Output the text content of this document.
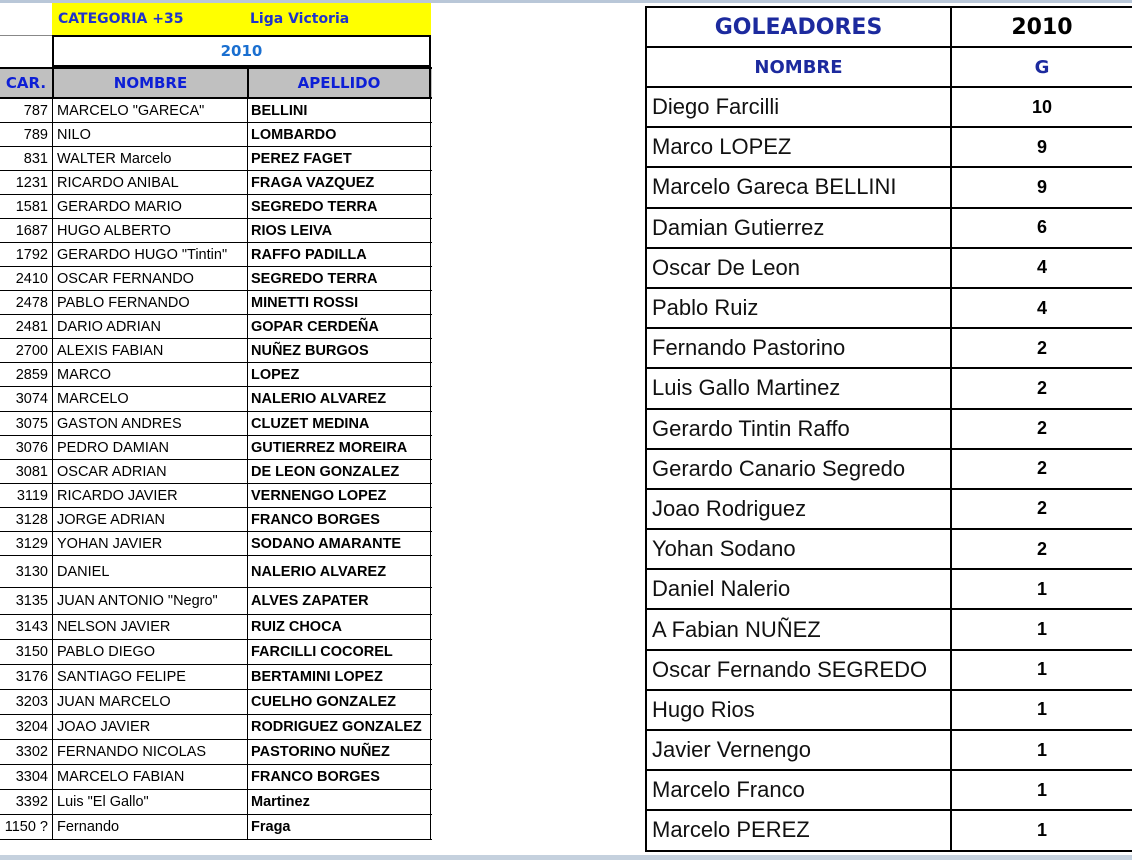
CATEGORIA +35	Liga Victoria
2010
CAR.	NOMBRE	APELLIDO
787 MARCELO "GARECA"	BELLINI
789 NILO	LOMBARDO
831 WALTER Marcelo	PEREZ FAGET
1231 RICARDO ANIBAL	FRAGA VAZQUEZ
1581 GERARDO MARIO	SEGREDO TERRA
1687 HUGO ALBERTO	RIOS LEIVA
1792 GERARDO HUGO "Tintin"	RAFFO PADILLA
2410 OSCAR FERNANDO	SEGREDO TERRA
2478 PABLO FERNANDO	MINETTI ROSSI
2481 DARIO ADRIAN	GOPAR CERDEÑA
2700 ALEXIS FABIAN	NUÑEZ BURGOS
2859 MARCO	LOPEZ
3074 MARCELO	NALERIO ALVAREZ
3075 GASTON ANDRES	CLUZET MEDINA
3076 PEDRO DAMIAN	GUTIERREZ MOREIRA
3081 OSCAR ADRIAN	DE LEON GONZALEZ
3119 RICARDO JAVIER	VERNENGO LOPEZ
3128 JORGE ADRIAN	FRANCO BORGES
3129 YOHAN JAVIER	SODANO AMARANTE
3130 DANIEL	NALERIO ALVAREZ
3135 JUAN ANTONIO "Negro"	ALVES ZAPATER
3143 NELSON JAVIER	RUIZ CHOCA
3150 PABLO DIEGO	FARCILLI COCOREL
3176 SANTIAGO FELIPE	BERTAMINI LOPEZ
3203 JUAN MARCELO	CUELHO GONZALEZ
3204 JOAO JAVIER	RODRIGUEZ GONZALEZ
3302 FERNANDO NICOLAS	PASTORINO NUÑEZ
3304 MARCELO FABIAN	FRANCO BORGES
3392 Luis "El Gallo"	Martinez
1150 ? Fernando	Fraga
GOLEADORES	2010
NOMBRE	G
Diego Farcilli	10
Marco LOPEZ	9
Marcelo Gareca BELLINI	9
Damian Gutierrez	6
Oscar De Leon	4
Pablo Ruiz	4
Fernando Pastorino	2
Luis Gallo Martinez	2
Gerardo Tintin Raffo	2
Gerardo Canario Segredo	2
Joao Rodriguez	2
Yohan Sodano	2
Daniel Nalerio	1
A Fabian NUÑEZ	1
Oscar Fernando SEGREDO	1
Hugo Rios	1
Javier Vernengo	1
Marcelo Franco	1
Marcelo PEREZ	1
